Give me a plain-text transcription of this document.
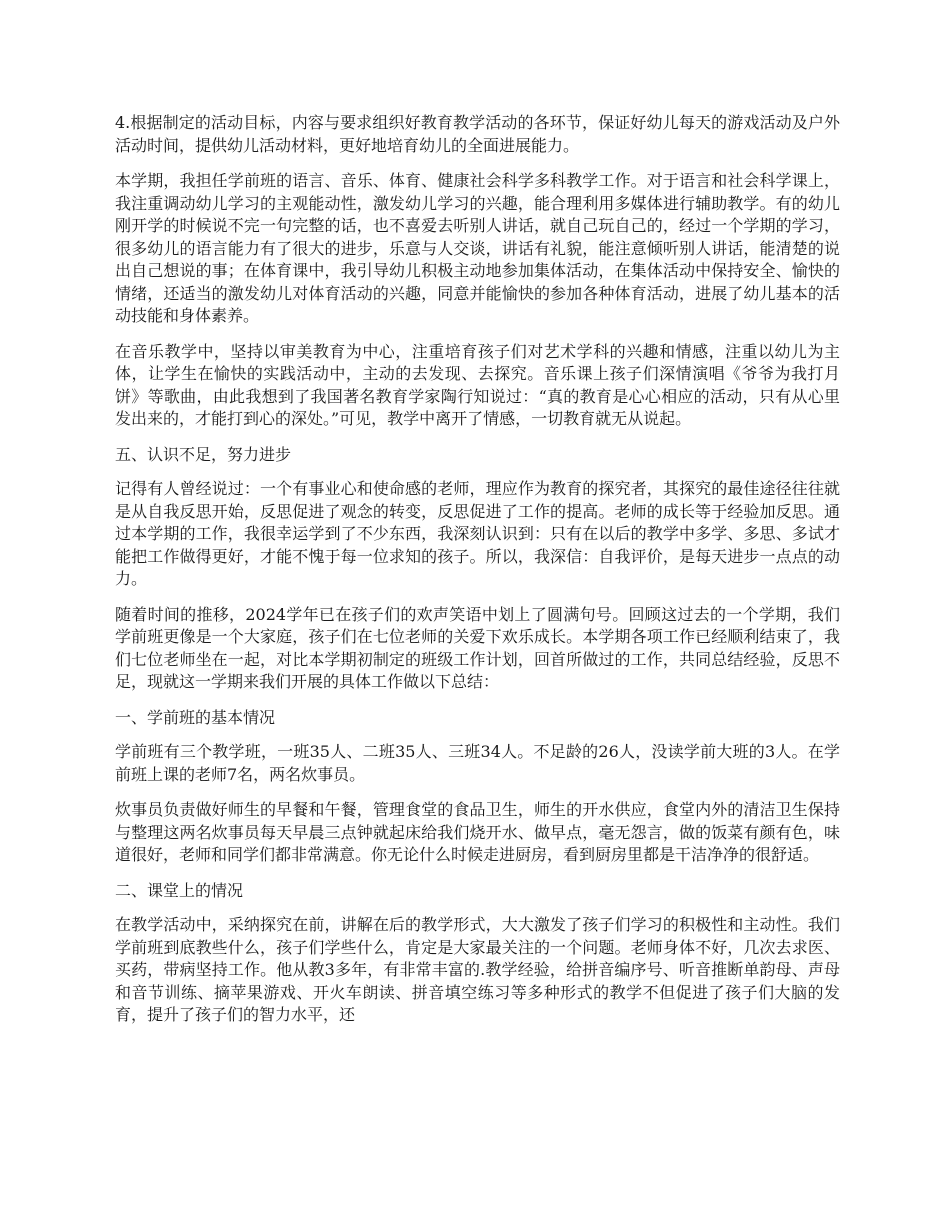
4.根据制定的活动目标，内容与要求组织好教育教学活动的各环节，保证好幼儿每天的游戏活动及户外活动时间，提供幼儿活动材料，更好地培育幼儿的全面进展能力。

本学期，我担任学前班的语言、音乐、体育、健康社会科学多科教学工作。对于语言和社会科学课上，我注重调动幼儿学习的主观能动性，激发幼儿学习的兴趣，能合理利用多媒体进行辅助教学。有的幼儿刚开学的时候说不完一句完整的话，也不喜爱去听别人讲话，就自己玩自己的，经过一个学期的学习，很多幼儿的语言能力有了很大的进步，乐意与人交谈，讲话有礼貌，能注意倾听别人讲话，能清楚的说出自己想说的事；在体育课中，我引导幼儿积极主动地参加集体活动，在集体活动中保持安全、愉快的情绪，还适当的激发幼儿对体育活动的兴趣，同意并能愉快的参加各种体育活动，进展了幼儿基本的活动技能和身体素养。

在音乐教学中，坚持以审美教育为中心，注重培育孩子们对艺术学科的兴趣和情感，注重以幼儿为主体，让学生在愉快的实践活动中，主动的去发现、去探究。音乐课上孩子们深情演唱《爷爷为我打月饼》等歌曲，由此我想到了我国著名教育学家陶行知说过：“真的教育是心心相应的活动，只有从心里发出来的，才能打到心的深处。”可见，教学中离开了情感，一切教育就无从说起。

五、认识不足，努力进步

记得有人曾经说过：一个有事业心和使命感的老师，理应作为教育的探究者，其探究的最佳途径往往就是从自我反思开始，反思促进了观念的转变，反思促进了工作的提高。老师的成长等于经验加反思。通过本学期的工作，我很幸运学到了不少东西，我深刻认识到：只有在以后的教学中多学、多思、多试才能把工作做得更好，才能不愧于每一位求知的孩子。所以，我深信：自我评价，是每天进步一点点的动力。

随着时间的推移，2024学年已在孩子们的欢声笑语中划上了圆满句号。回顾这过去的一个学期，我们学前班更像是一个大家庭，孩子们在七位老师的关爱下欢乐成长。本学期各项工作已经顺利结束了，我们七位老师坐在一起，对比本学期初制定的班级工作计划，回首所做过的工作，共同总结经验，反思不足，现就这一学期来我们开展的具体工作做以下总结：

一、学前班的基本情况

学前班有三个教学班，一班35人、二班35人、三班34人。不足龄的26人，没读学前大班的3人。在学前班上课的老师7名，两名炊事员。

炊事员负责做好师生的早餐和午餐，管理食堂的食品卫生，师生的开水供应，食堂内外的清洁卫生保持与整理这两名炊事员每天早晨三点钟就起床给我们烧开水、做早点，毫无怨言，做的饭菜有颜有色，味道很好，老师和同学们都非常满意。你无论什么时候走进厨房，看到厨房里都是干洁净净的很舒适。

二、课堂上的情况

在教学活动中，采纳探究在前，讲解在后的教学形式，大大激发了孩子们学习的积极性和主动性。我们学前班到底教些什么，孩子们学些什么，肯定是大家最关注的一个问题。老师身体不好，几次去求医、买药，带病坚持工作。他从教3多年，有非常丰富的.教学经验，给拼音编序号、听音推断单韵母、声母和音节训练、摘苹果游戏、开火车朗读、拼音填空练习等多种形式的教学不但促进了孩子们大脑的发育，提升了孩子们的智力水平，还
